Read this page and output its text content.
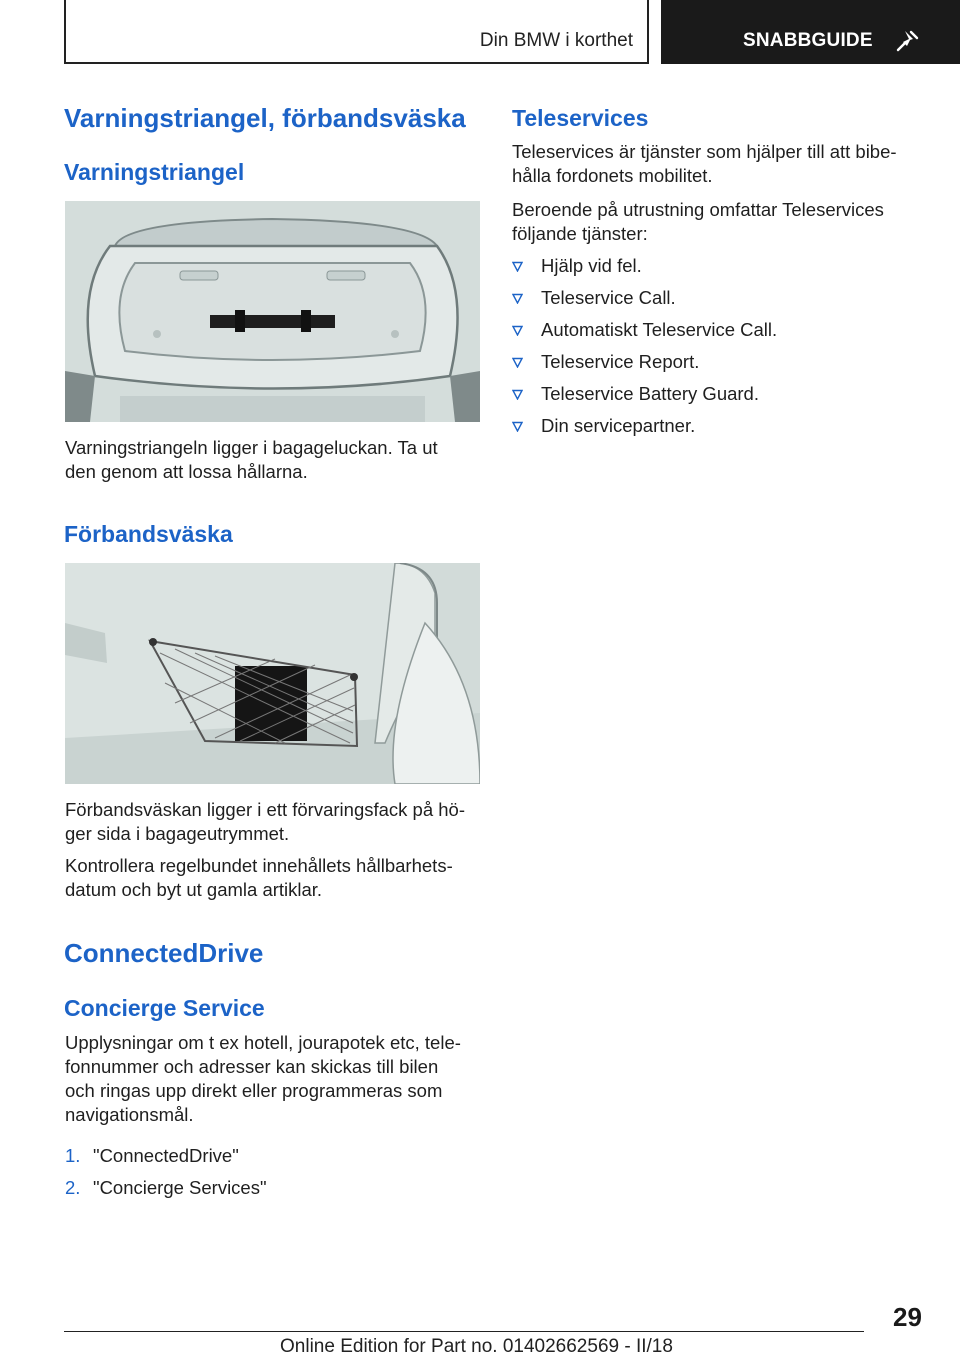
Din BMW i korthet	SNABBGUIDE
Varningstriangel, förbandsväska
Varningstriangel
Varningstriangeln ligger i bagageluckan. Ta ut
den genom att lossa hållarna.
Förbandsväska
Förbandsväskan ligger i ett förvaringsfack på hö-
ger sida i bagageutrymmet.
Kontrollera regelbundet innehållets hållbarhets-
datum och byt ut gamla artiklar.
ConnectedDrive
Concierge Service
Upplysningar om t ex hotell, jourapotek etc, tele-
fonnummer och adresser kan skickas till bilen
och ringas upp direkt eller programmeras som
navigationsmål.
1. "ConnectedDrive"
2. "Concierge Services"
Teleservices
Teleservices är tjänster som hjälper till att bibe-
hålla fordonets mobilitet.
Beroende på utrustning omfattar Teleservices
följande tjänster:
Hjälp vid fel.
Teleservice Call.
Automatiskt Teleservice Call.
Teleservice Report.
Teleservice Battery Guard.
Din servicepartner.
29
Online Edition for Part no. 01402662569 - II/18
